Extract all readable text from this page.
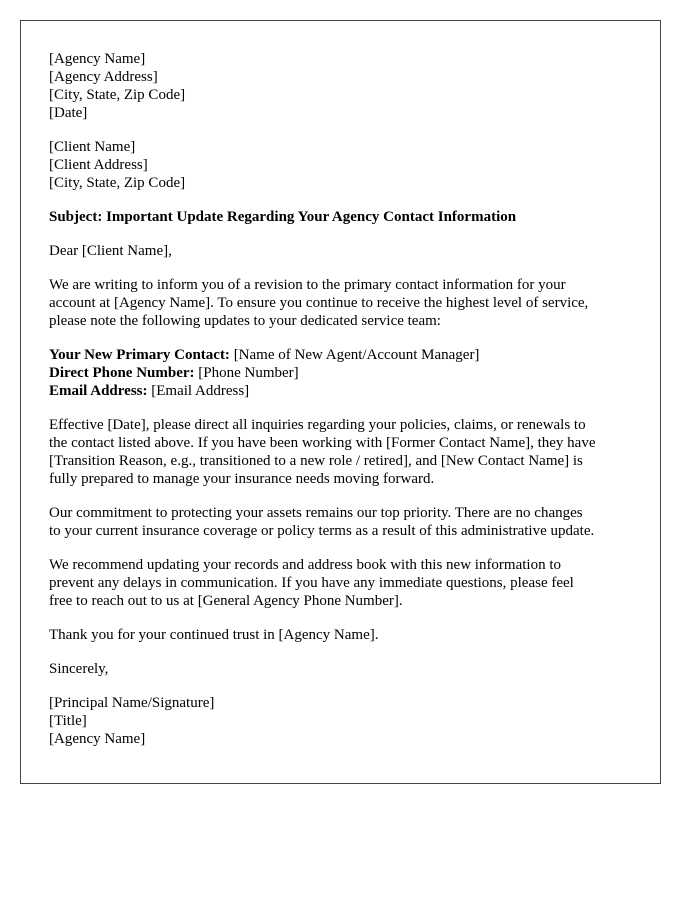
[Agency Name]
[Agency Address]
[City, State, Zip Code]
[Date]
[Client Name]
[Client Address]
[City, State, Zip Code]
Subject: Important Update Regarding Your Agency Contact Information
Dear [Client Name],
We are writing to inform you of a revision to the primary contact information for your
account at [Agency Name]. To ensure you continue to receive the highest level of service,
please note the following updates to your dedicated service team:
Your New Primary Contact: [Name of New Agent/Account Manager]
Direct Phone Number: [Phone Number]
Email Address: [Email Address]
Effective [Date], please direct all inquiries regarding your policies, claims, or renewals to
the contact listed above. If you have been working with [Former Contact Name], they have
[Transition Reason, e.g., transitioned to a new role / retired], and [New Contact Name] is
fully prepared to manage your insurance needs moving forward.
Our commitment to protecting your assets remains our top priority. There are no changes
to your current insurance coverage or policy terms as a result of this administrative update.
We recommend updating your records and address book with this new information to
prevent any delays in communication. If you have any immediate questions, please feel
free to reach out to us at [General Agency Phone Number].
Thank you for your continued trust in [Agency Name].
Sincerely,
[Principal Name/Signature]
[Title]
[Agency Name]
